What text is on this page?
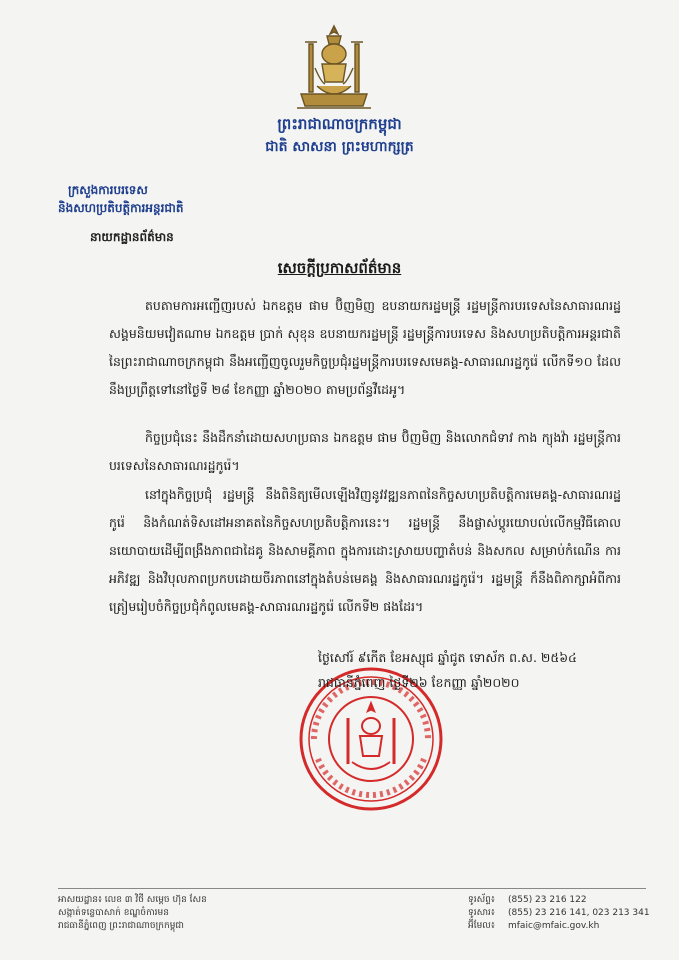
ព្រះរាជាណាចក្រកម្ពុជា
ជាតិ សាសនា ព្រះមហាក្សត្រ
ក្រសួងការបរទេស
និងសហប្រតិបត្តិការអន្តរជាតិ
នាយកដ្ឋានព័ត៌មាន
សេចក្តីប្រកាសព័ត៌មាន
តបតាមការអញ្ជើញរបស់ ឯកឧត្តម ផាម ប៊ិញមិញ ឧបនាយករដ្ឋមន្ត្រី រដ្ឋមន្ត្រីការបរទេសនៃសាធារណរដ្ឋសង្គមនិយមវៀតណាម ឯកឧត្តម ប្រាក់ សុខុន ឧបនាយករដ្ឋមន្ត្រី រដ្ឋមន្ត្រីការបរទេស និងសហប្រតិបត្តិការអន្តរជាតិនៃព្រះរាជាណាចក្រកម្ពុជា នឹងអញ្ជើញចូលរួមកិច្ចប្រជុំរដ្ឋមន្ត្រីការបរទេសមេគង្គ-សាធារណរដ្ឋកូរ៉េ លើកទី១០ ដែលនឹងប្រព្រឹត្តទៅនៅថ្ងៃទី ២៨ ខែកញ្ញា ឆ្នាំ២០២០ តាមប្រព័ន្ធវីដេអូ។
កិច្ចប្រជុំនេះ នឹងដឹកនាំដោយសហប្រធាន ឯកឧត្តម ផាម ប៊ិញមិញ និងលោកជំទាវ កាង ក្យុងវ៉ា រដ្ឋមន្ត្រីការបរទេសនៃសាធារណរដ្ឋកូរ៉េ។
នៅក្នុងកិច្ចប្រជុំ រដ្ឋមន្ត្រី នឹងពិនិត្យមើលឡើងវិញនូវវឌ្ឍនភាពនៃកិច្ចសហប្រតិបត្តិការមេគង្គ-សាធារណរដ្ឋកូរ៉េ និងកំណត់ទិសដៅអនាគតនៃកិច្ចសហប្រតិបត្តិការនេះ។ រដ្ឋមន្ត្រី នឹងផ្លាស់ប្តូរយោបល់លើកម្មវិធីគោលនយោបាយដើម្បីពង្រឹងភាពជាដៃគូ និងសាមគ្គីភាព ក្នុងការដោះស្រាយបញ្ហាតំបន់ និងសកល សម្រាប់កំណើន ការអភិវឌ្ឍ និងវិបុលភាពប្រកបដោយចីរភាពនៅក្នុងតំបន់មេគង្គ និងសាធារណរដ្ឋកូរ៉េ។ រដ្ឋមន្ត្រី ក៏នឹងពិភាក្សាអំពីការត្រៀមរៀបចំកិច្ចប្រជុំកំពូលមេគង្គ-សាធារណរដ្ឋកូរ៉េ លើកទី២ ផងដែរ។
ថ្ងៃសៅរ៍ ៩កើត ខែអស្សុជ ឆ្នាំជូត ទោស័ក ព.ស. ២៥៦៤
រាជធានីភ្នំពេញ ថ្ងៃទី២៦ ខែកញ្ញា ឆ្នាំ២០២០
អាសយដ្ឋាន៖ លេខ ៣ វិថី សម្តេច ហ៊ុន សែន
សង្កាត់ទន្លេបាសាក់ ខណ្ឌចំការមន
រាជធានីភ្នំពេញ ព្រះរាជាណាចក្រកម្ពុជា
ទូរស័ព្ទ៖	(855) 23 216 122
ទូរសារ៖	(855) 23 216 141, 023 213 341
អ៊ីមែល៖	mfaic@mfaic.gov.kh
